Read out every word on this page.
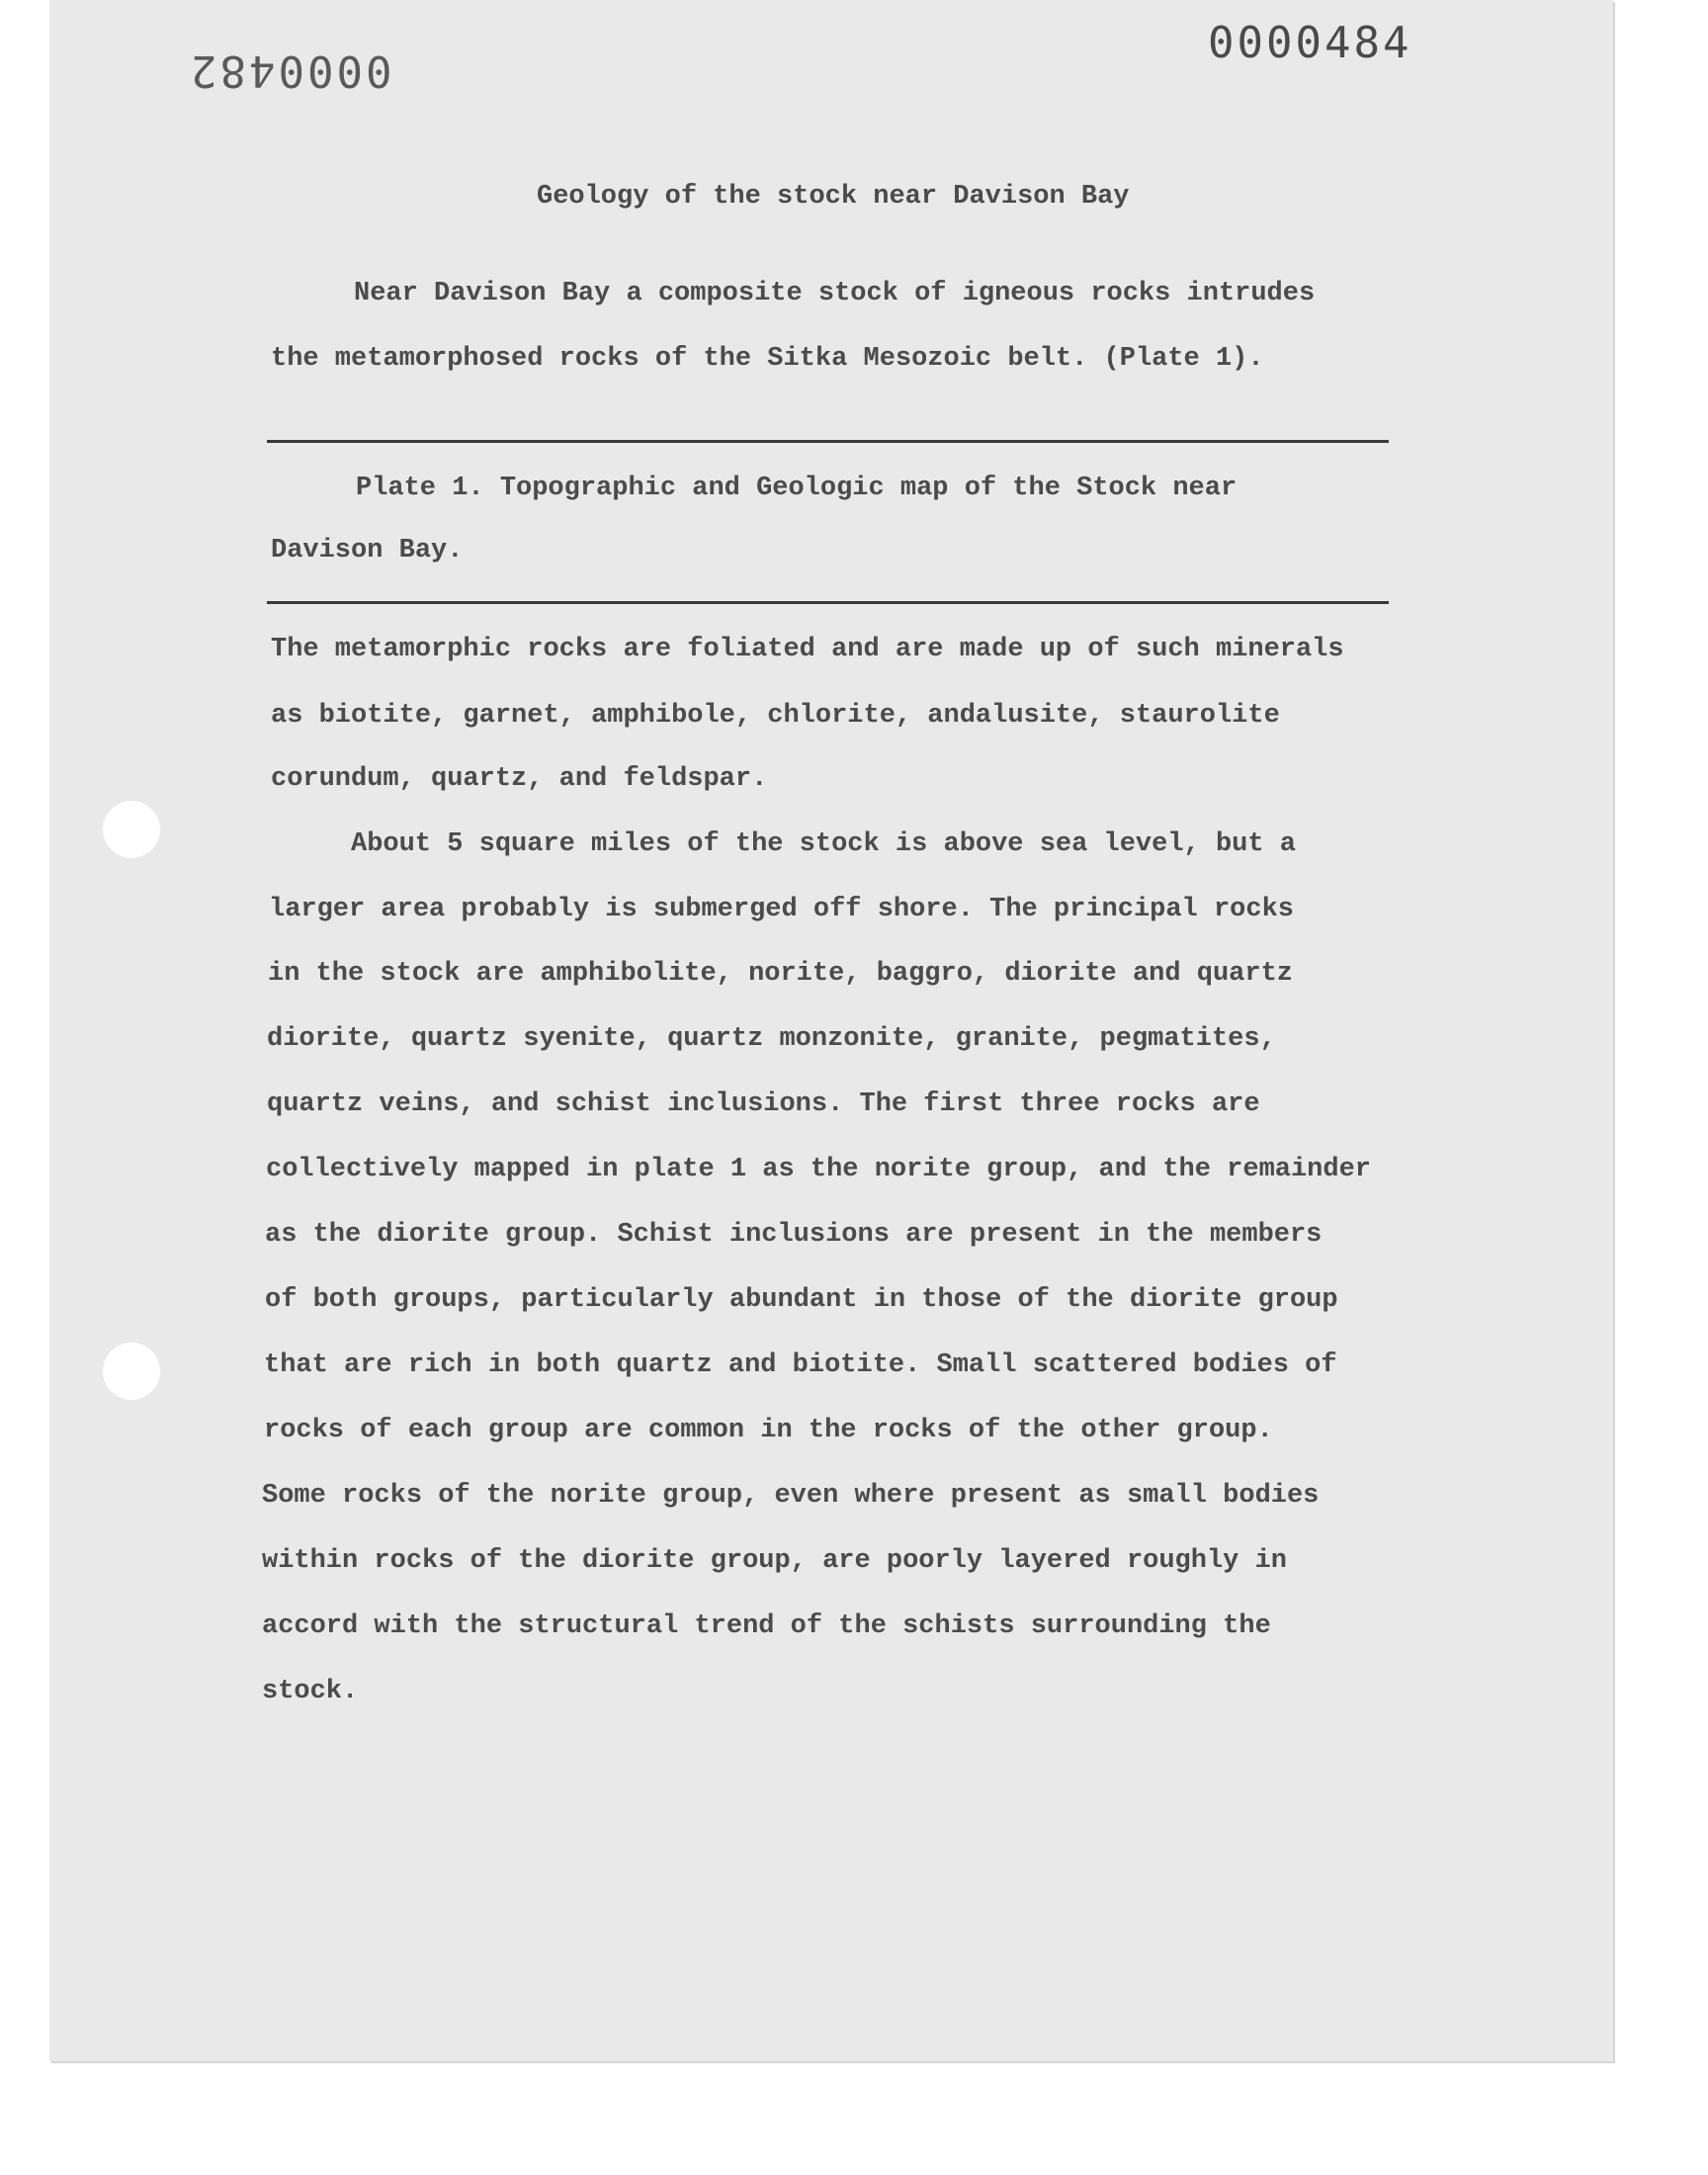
0000482
0000484
Geology of the stock near Davison Bay
Near Davison Bay a composite stock of igneous rocks intrudes
the metamorphosed rocks of the Sitka Mesozoic belt. (Plate 1).
Plate 1. Topographic and Geologic map of the Stock near
Davison Bay.
The metamorphic rocks are foliated and are made up of such minerals
as biotite, garnet, amphibole, chlorite, andalusite, staurolite
corundum, quartz, and feldspar.
About 5 square miles of the stock is above sea level, but a
larger area probably is submerged off shore. The principal rocks
in the stock are amphibolite, norite, baggro, diorite and quartz
diorite, quartz syenite, quartz monzonite, granite, pegmatites,
quartz veins, and schist inclusions. The first three rocks are
collectively mapped in plate 1 as the norite group, and the remainder
as the diorite group. Schist inclusions are present in the members
of both groups, particularly abundant in those of the diorite group
that are rich in both quartz and biotite. Small scattered bodies of
rocks of each group are common in the rocks of the other group.
Some rocks of the norite group, even where present as small bodies
within rocks of the diorite group, are poorly layered roughly in
accord with the structural trend of the schists surrounding the
stock.
